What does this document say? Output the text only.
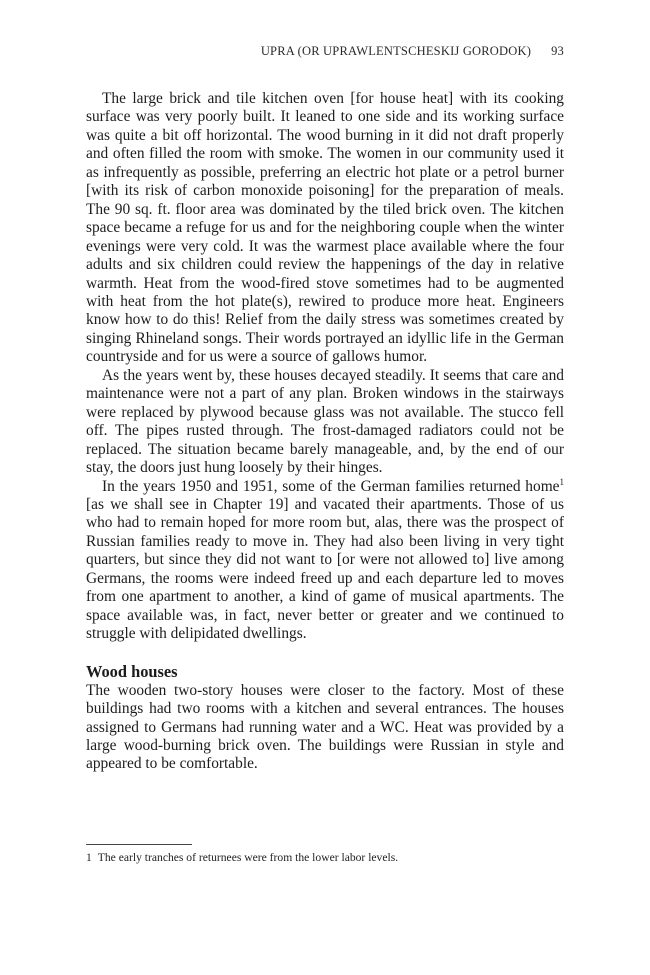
UPRA (OR UPRAWLENTSCHESKIJ GORODOK) 93

The large brick and tile kitchen oven [for house heat] with its cooking surface was very poorly built. It leaned to one side and its working surface was quite a bit off horizontal. The wood burning in it did not draft properly and often filled the room with smoke. The women in our community used it as infrequently as possible, preferring an electric hot plate or a petrol burner [with its risk of carbon monoxide poisoning] for the preparation of meals. The 90 sq. ft. floor area was dominated by the tiled brick oven. The kitchen space became a refuge for us and for the neighboring couple when the winter evenings were very cold. It was the warmest place available where the four adults and six children could review the happenings of the day in relative warmth. Heat from the wood-fired stove sometimes had to be augmented with heat from the hot plate(s), rewired to produce more heat. Engineers know how to do this! Relief from the daily stress was sometimes created by singing Rhineland songs. Their words portrayed an idyllic life in the German countryside and for us were a source of gallows humor.

As the years went by, these houses decayed steadily. It seems that care and maintenance were not a part of any plan. Broken windows in the stairways were replaced by plywood because glass was not available. The stucco fell off. The pipes rusted through. The frost-damaged radiators could not be replaced. The situation became barely manageable, and, by the end of our stay, the doors just hung loosely by their hinges.

In the years 1950 and 1951, some of the German families returned home$^1$ [as we shall see in Chapter 19] and vacated their apartments. Those of us who had to remain hoped for more room but, alas, there was the prospect of Russian families ready to move in. They had also been living in very tight quarters, but since they did not want to [or were not allowed to] live among Germans, the rooms were indeed freed up and each departure led to moves from one apartment to another, a kind of game of musical apartments. The space available was, in fact, never better or greater and we continued to struggle with delipidated dwellings.

Wood houses

The wooden two-story houses were closer to the factory. Most of these buildings had two rooms with a kitchen and several entrances. The houses assigned to Germans had running water and a WC. Heat was provided by a large wood-burning brick oven. The buildings were Russian in style and appeared to be comfortable.

1 The early tranches of returnees were from the lower labor levels.
